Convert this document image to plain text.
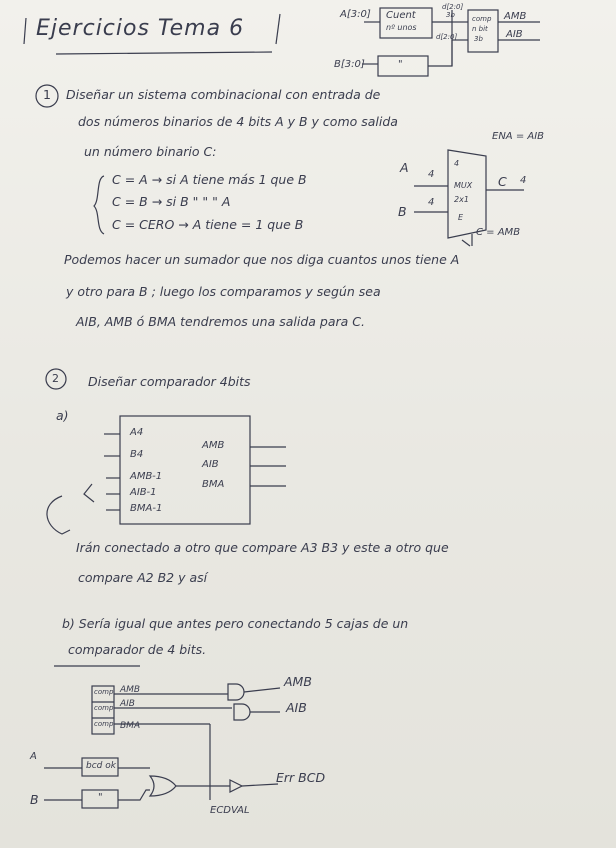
Ejercicios Tema 6
A[3:0] Cuent
nº unos
d[2:0]
3b
d[2:0]
comp
n bit
3b
AMB
AIB
B[3:0]	"
1 Diseñar un sistema combinacional con entrada de
dos números binarios de 4 bits A y B y como salida
un número binario C:
ENA = AIB
C = A → si A tiene más 1 que B
C = B → si B " " " A
C = CERO → A tiene = 1 que B
A 4
B
4
4
MUX
2x1
E
C 4
C = AMB
Podemos hacer un sumador que nos diga cuantos unos tiene A
y otro para B ; luego los comparamos y según sea
AIB, AMB ó BMA tendremos una salida para C.
2 Diseñar comparador 4bits
a)
A4
B4
AMB-1
AIB-1
BMA-1
AMB
AIB
BMA
Irán conectado a otro que compare A3 B3 y este a otro que
compare A2 B2 y así
b) Sería igual que antes pero conectando 5 cajas de un
comparador de 4 bits.
comp
comp
comp
AMB
AIB
BMA
AMB
AIB
A
B
bcd ok
"
Err BCD
ECDVAL
